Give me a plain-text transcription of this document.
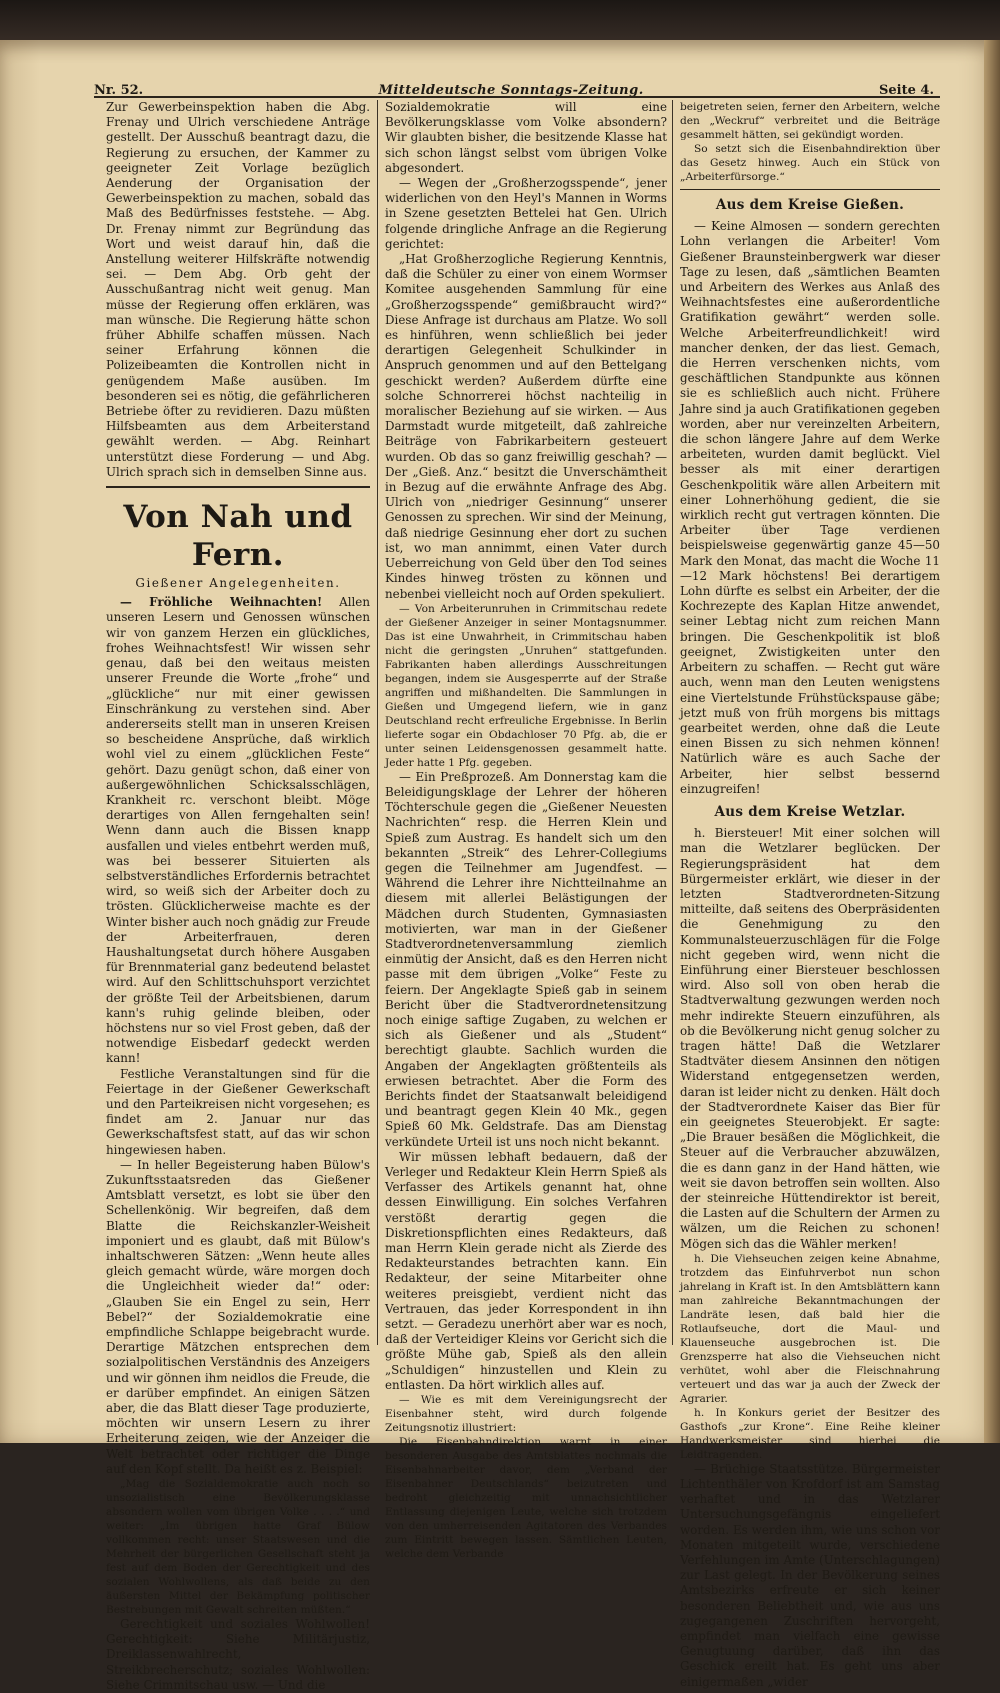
Nr. 52.	Mitteldeutsche Sonntags-Zeitung.	Seite 4.

Zur Gewerbeinspektion haben die Abg. Frenay und Ulrich verschiedene Anträge gestellt. Der Ausschuß beantragt dazu, die Regierung zu ersuchen, der Kammer zu geeigneter Zeit Vorlage bezüglich Aenderung der Organisation der Gewerbeinspektion zu machen, sobald das Maß des Bedürfnisses feststehe. — Abg. Dr. Frenay nimmt zur Begründung das Wort und weist darauf hin, daß die Anstellung weiterer Hilfskräfte notwendig sei. — Dem Abg. Orb geht der Ausschußantrag nicht weit genug. Man müsse der Regierung offen erklären, was man wünsche. Die Regierung hätte schon früher Abhilfe schaffen müssen. Nach seiner Erfahrung können die Polizeibeamten die Kontrollen nicht in genügendem Maße ausüben. Im besonderen sei es nötig, die gefährlicheren Betriebe öfter zu revidieren. Dazu müßten Hilfsbeamten aus dem Arbeiterstand gewählt werden. — Abg. Reinhart unterstützt diese Forderung — und Abg. Ulrich sprach sich in demselben Sinne aus.

Von Nah und Fern.
Gießener Angelegenheiten.

— Fröhliche Weihnachten! Allen unseren Lesern und Genossen wünschen wir von ganzem Herzen ein glückliches, frohes Weihnachtsfest! Wir wissen sehr genau, daß bei den weitaus meisten unserer Freunde die Worte „frohe“ und „glückliche“ nur mit einer gewissen Einschränkung zu verstehen sind. Aber andererseits stellt man in unseren Kreisen so bescheidene Ansprüche, daß wirklich wohl viel zu einem „glücklichen Feste“ gehört. Dazu genügt schon, daß einer von außergewöhnlichen Schicksalsschlägen, Krankheit rc. verschont bleibt. Möge derartiges von Allen ferngehalten sein! Wenn dann auch die Bissen knapp ausfallen und vieles entbehrt werden muß, was bei besserer Situierten als selbstverständliches Erfordernis betrachtet wird, so weiß sich der Arbeiter doch zu trösten. Glücklicherweise machte es der Winter bisher auch noch gnädig zur Freude der Arbeiterfrauen, deren Haushaltungsetat durch höhere Ausgaben für Brennmaterial ganz bedeutend belastet wird. Auf den Schlittschuhsport verzichtet der größte Teil der Arbeitsbienen, darum kann's ruhig gelinde bleiben, oder höchstens nur so viel Frost geben, daß der notwendige Eisbedarf gedeckt werden kann!

Festliche Veranstaltungen sind für die Feiertage in der Gießener Gewerkschaft und den Parteikreisen nicht vorgesehen; es findet am 2. Januar nur das Gewerkschaftsfest statt, auf das wir schon hingewiesen haben.

— In heller Begeisterung haben Bülow's Zukunftsstaatsreden das Gießener Amtsblatt versetzt, es lobt sie über den Schellenkönig. Wir begreifen, daß dem Blatte die Reichskanzler-Weisheit imponiert und es glaubt, daß mit Bülow's inhaltschweren Sätzen: „Wenn heute alles gleich gemacht würde, wäre morgen doch die Ungleichheit wieder da!“ oder: „Glauben Sie ein Engel zu sein, Herr Bebel?“ der Sozialdemokratie eine empfindliche Schlappe beigebracht wurde. Derartige Mätzchen entsprechen dem sozialpolitischen Verständnis des Anzeigers und wir gönnen ihm neidlos die Freude, die er darüber empfindet. An einigen Sätzen aber, die das Blatt dieser Tage produzierte, möchten wir unsern Lesern zu ihrer Erheiterung zeigen, wie der Anzeiger die Welt betrachtet oder richtiger die Dinge auf den Kopf stellt. Da heißt es z. Beispiel:

„Mag die Sozialdemokratie auch noch so unsozialistisch eine Bevölkerungsklasse absondern wollen vom übrigen Volke . . . .“ und weiter: „Im übrigen hatte Graf Bülow vollkommen recht: unser Staatswesen und die Mehrheit der bürgerlichen Gesellschaft steht ja fest auf dem Boden der Gerechtigkeit und des sozialen Wohlwollens, als daß beide zu den äußersten Mittel der Bekämpfung politischer Bestrebungen mit Gewalt schreiten müßten.“

Gerechtigkeit und soziales Wohlwollen! Gerechtigkeit: Siehe Militärjustiz, Dreiklassenwahlrecht, Streikbrecherschutz; soziales Wohlwollen: Siehe Crimmitschau usw. — Und die

Sozialdemokratie will eine Bevölkerungsklasse vom Volke absondern? Wir glaubten bisher, die besitzende Klasse hat sich schon längst selbst vom übrigen Volke abgesondert.

— Wegen der „Großherzogsspende“, jener widerlichen von den Heyl's Mannen in Worms in Szene gesetzten Bettelei hat Gen. Ulrich folgende dringliche Anfrage an die Regierung gerichtet:

„Hat Großherzogliche Regierung Kenntnis, daß die Schüler zu einer von einem Wormser Komitee ausgehenden Sammlung für eine „Großherzogsspende“ gemißbraucht wird?“ Diese Anfrage ist durchaus am Platze. Wo soll es hinführen, wenn schließlich bei jeder derartigen Gelegenheit Schulkinder in Anspruch genommen und auf den Bettelgang geschickt werden? Außerdem dürfte eine solche Schnorrerei höchst nachteilig in moralischer Beziehung auf sie wirken. — Aus Darmstadt wurde mitgeteilt, daß zahlreiche Beiträge von Fabrikarbeitern gesteuert wurden. Ob das so ganz freiwillig geschah? — Der „Gieß. Anz.“ besitzt die Unverschämtheit in Bezug auf die erwähnte Anfrage des Abg. Ulrich von „niedriger Gesinnung“ unserer Genossen zu sprechen. Wir sind der Meinung, daß niedrige Gesinnung eher dort zu suchen ist, wo man annimmt, einen Vater durch Ueberreichung von Geld über den Tod seines Kindes hinweg trösten zu können und nebenbei vielleicht noch auf Orden spekuliert.

— Von Arbeiterunruhen in Crimmitschau redete der Gießener Anzeiger in seiner Montagsnummer. Das ist eine Unwahrheit, in Crimmitschau haben nicht die geringsten „Unruhen“ stattgefunden. Fabrikanten haben allerdings Ausschreitungen begangen, indem sie Ausgesperrte auf der Straße angriffen und mißhandelten. Die Sammlungen in Gießen und Umgegend liefern, wie in ganz Deutschland recht erfreuliche Ergebnisse. In Berlin lieferte sogar ein Obdachloser 70 Pfg. ab, die er unter seinen Leidensgenossen gesammelt hatte. Jeder hatte 1 Pfg. gegeben.

— Ein Preßprozeß. Am Donnerstag kam die Beleidigungsklage der Lehrer der höheren Töchterschule gegen die „Gießener Neuesten Nachrichten“ resp. die Herren Klein und Spieß zum Austrag. Es handelt sich um den bekannten „Streik“ des Lehrer-Collegiums gegen die Teilnehmer am Jugendfest. — Während die Lehrer ihre Nichtteilnahme an diesem mit allerlei Belästigungen der Mädchen durch Studenten, Gymnasiasten motivierten, war man in der Gießener Stadtverordnetenversammlung ziemlich einmütig der Ansicht, daß es den Herren nicht passe mit dem übrigen „Volke“ Feste zu feiern. Der Angeklagte Spieß gab in seinem Bericht über die Stadtverordnetensitzung noch einige saftige Zugaben, zu welchen er sich als Gießener und als „Student“ berechtigt glaubte. Sachlich wurden die Angaben der Angeklagten größtenteils als erwiesen betrachtet. Aber die Form des Berichts findet der Staatsanwalt beleidigend und beantragt gegen Klein 40 Mk., gegen Spieß 60 Mk. Geldstrafe. Das am Dienstag verkündete Urteil ist uns noch nicht bekannt.

Wir müssen lebhaft bedauern, daß der Verleger und Redakteur Klein Herrn Spieß als Verfasser des Artikels genannt hat, ohne dessen Einwilligung. Ein solches Verfahren verstößt derartig gegen die Diskretionspflichten eines Redakteurs, daß man Herrn Klein gerade nicht als Zierde des Redakteurstandes betrachten kann. Ein Redakteur, der seine Mitarbeiter ohne weiteres preisgiebt, verdient nicht das Vertrauen, das jeder Korrespondent in ihn setzt. — Geradezu unerhört aber war es noch, daß der Verteidiger Kleins vor Gericht sich die größte Mühe gab, Spieß als den allein „Schuldigen“ hinzustellen und Klein zu entlasten. Da hört wirklich alles auf.

— Wie es mit dem Vereinigungsrecht der Eisenbahner steht, wird durch folgende Zeitungsnotiz illustriert:

Die Eisenbahndirektion warnt in einer besonderen Ausgabe des Amtsblattes nochmals die Eisenbahnarbeiter davor, dem „Verband der Eisenbahner Deutschlands“ beizutreten und bedroht gleichzeitig mit unnachsichtlicher Entlassung diejenigen Leute, welche sich trotzdem von den umherreisenden Agitatoren des Verbandes zum Eintritt bewegen lassen. Sämtlichen Leuten, welche dem Verbande

beigetreten seien, ferner den Arbeitern, welche den „Weckruf“ verbreitet und die Beiträge gesammelt hätten, sei gekündigt worden.

So setzt sich die Eisenbahndirektion über das Gesetz hinweg. Auch ein Stück von „Arbeiterfürsorge.“

Aus dem Kreise Gießen.

— Keine Almosen — sondern gerechten Lohn verlangen die Arbeiter! Vom Gießener Braunsteinbergwerk war dieser Tage zu lesen, daß „sämtlichen Beamten und Arbeitern des Werkes aus Anlaß des Weihnachtsfestes eine außerordentliche Gratifikation gewährt“ werden solle. Welche Arbeiterfreundlichkeit! wird mancher denken, der das liest. Gemach, die Herren verschenken nichts, vom geschäftlichen Standpunkte aus können sie es schließlich auch nicht. Frühere Jahre sind ja auch Gratifikationen gegeben worden, aber nur vereinzelten Arbeitern, die schon längere Jahre auf dem Werke arbeiteten, wurden damit beglückt. Viel besser als mit einer derartigen Geschenkpolitik wäre allen Arbeitern mit einer Lohnerhöhung gedient, die sie wirklich recht gut vertragen könnten. Die Arbeiter über Tage verdienen beispielsweise gegenwärtig ganze 45—50 Mark den Monat, das macht die Woche 11—12 Mark höchstens! Bei derartigem Lohn dürfte es selbst ein Arbeiter, der die Kochrezepte des Kaplan Hitze anwendet, seiner Lebtag nicht zum reichen Mann bringen. Die Geschenkpolitik ist bloß geeignet, Zwistigkeiten unter den Arbeitern zu schaffen. — Recht gut wäre auch, wenn man den Leuten wenigstens eine Viertelstunde Frühstückspause gäbe; jetzt muß von früh morgens bis mittags gearbeitet werden, ohne daß die Leute einen Bissen zu sich nehmen können! Natürlich wäre es auch Sache der Arbeiter, hier selbst bessernd einzugreifen!

Aus dem Kreise Wetzlar.

h. Biersteuer! Mit einer solchen will man die Wetzlarer beglücken. Der Regierungspräsident hat dem Bürgermeister erklärt, wie dieser in der letzten Stadtverordneten-Sitzung mitteilte, daß seitens des Oberpräsidenten die Genehmigung zu den Kommunalsteuerzuschlägen für die Folge nicht gegeben wird, wenn nicht die Einführung einer Biersteuer beschlossen wird. Also soll von oben herab die Stadtverwaltung gezwungen werden noch mehr indirekte Steuern einzuführen, als ob die Bevölkerung nicht genug solcher zu tragen hätte! Daß die Wetzlarer Stadtväter diesem Ansinnen den nötigen Widerstand entgegensetzen werden, daran ist leider nicht zu denken. Hält doch der Stadtverordnete Kaiser das Bier für ein geeignetes Steuerobjekt. Er sagte: „Die Brauer besäßen die Möglichkeit, die Steuer auf die Verbraucher abzuwälzen, die es dann ganz in der Hand hätten, wie weit sie davon betroffen sein wollten. Also der steinreiche Hüttendirektor ist bereit, die Lasten auf die Schultern der Armen zu wälzen, um die Reichen zu schonen! Mögen sich das die Wähler merken!

h. Die Viehseuchen zeigen keine Abnahme, trotzdem das Einfuhrverbot nun schon jahrelang in Kraft ist. In den Amtsblättern kann man zahlreiche Bekanntmachungen der Landräte lesen, daß bald hier die Rotlaufseuche, dort die Maul- und Klauenseuche ausgebrochen ist. Die Grenzsperre hat also die Viehseuchen nicht verhütet, wohl aber die Fleischnahrung verteuert und das war ja auch der Zweck der Agrarier.

h. In Konkurs geriet der Besitzer des Gasthofs „zur Krone“. Eine Reihe kleiner Handwerksmeister sind hierbei die Leidtragenden.

— Brüchige Staatsstütze. Bürgermeister Lichtenthäler von Krofdorf ist am Samstag verhaftet und in das Wetzlarer Untersuchungsgefängnis eingeliefert worden. Es werden ihm, wie uns schon vor Monaten mitgeteilt wurde, verschiedene Verfehlungen im Amte (Unterschlagungen) zur Last gelegt. In der Bevölkerung seines Amtsbezirks erfreute er sich keiner besonderen Beliebtheit und, wie aus uns zugegangenen Zuschriften hervorgeht, empfindet man vielfach eine gewisse Genugtuung darüber, daß ihn das Geschick ereilt hat. Es geht uns aber einigermaßen „wider
